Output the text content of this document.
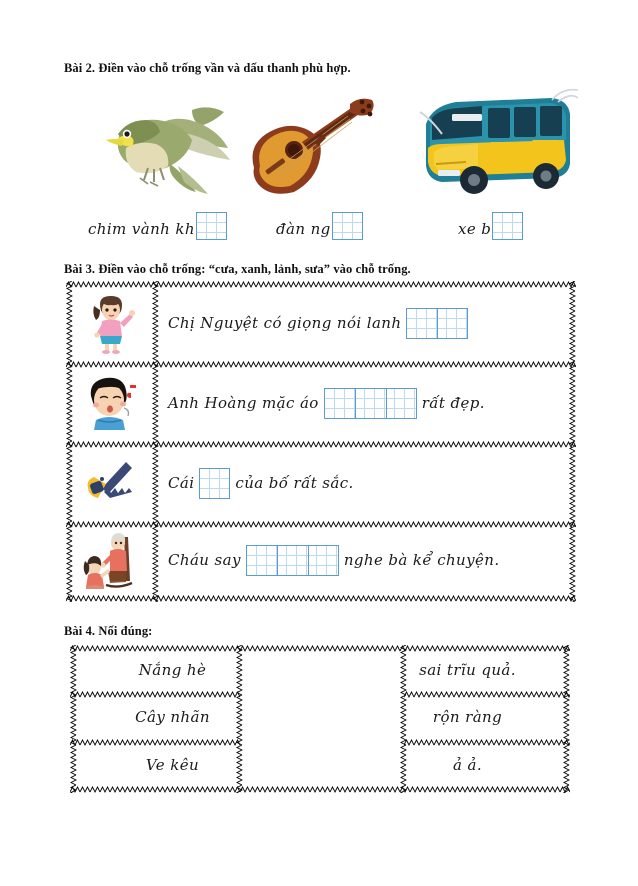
Bài 2. Điền vào chỗ trống vần và dấu thanh phù hợp.
chim vành kh	đàn ng	xe b
Bài 3. Điền vào chỗ trống: “cưa, xanh, lảnh, sưa” vào chỗ trống.
Chị Nguyệt có giọng nói lanh
Anh Hoàng mặc áo	rất đẹp.
Cái	của bố rất sắc.
Cháu say	nghe bà kể chuyện.
Bài 4. Nối đúng:
Nắng hè	sai trĩu quả.
Cây nhãn	rộn ràng
Ve kêu	ả ả.
